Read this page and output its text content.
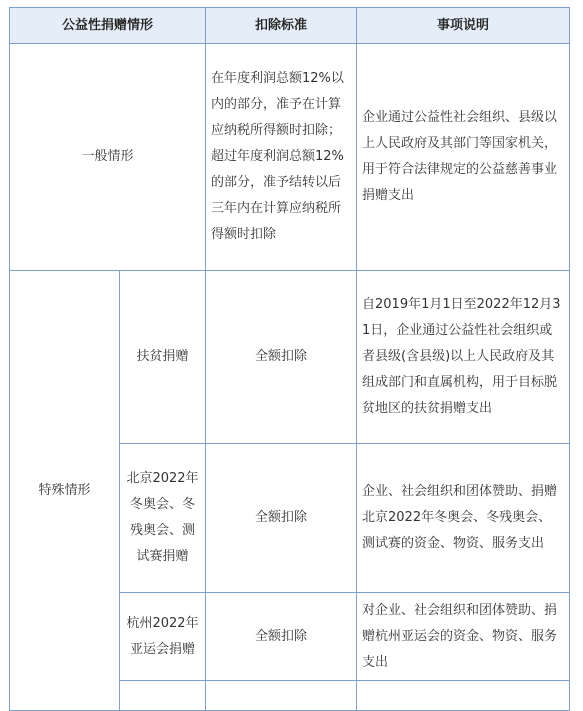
公益性捐赠情形		扣除标准	事项说明
一般情形		在年度利润总额12%以内的部分，准予在计算应纳税所得额时扣除；超过年度利润总额12%的部分，准予结转以后三年内在计算应纳税所得额时扣除	企业通过公益性社会组织、县级以上人民政府及其部门等国家机关，用于符合法律规定的公益慈善事业捐赠支出
特殊情形	扶贫捐赠	全额扣除	自2019年1月1日至2022年12月31日，企业通过公益性社会组织或者县级(含县级)以上人民政府及其组成部门和直属机构，用于目标脱贫地区的扶贫捐赠支出
	北京2022年冬奥会、冬残奥会、测试赛捐赠	全额扣除	企业、社会组织和团体赞助、捐赠北京2022年冬奥会、冬残奥会、测试赛的资金、物资、服务支出
	杭州2022年亚运会捐赠	全额扣除	对企业、社会组织和团体赞助、捐赠杭州亚运会的资金、物资、服务支出
